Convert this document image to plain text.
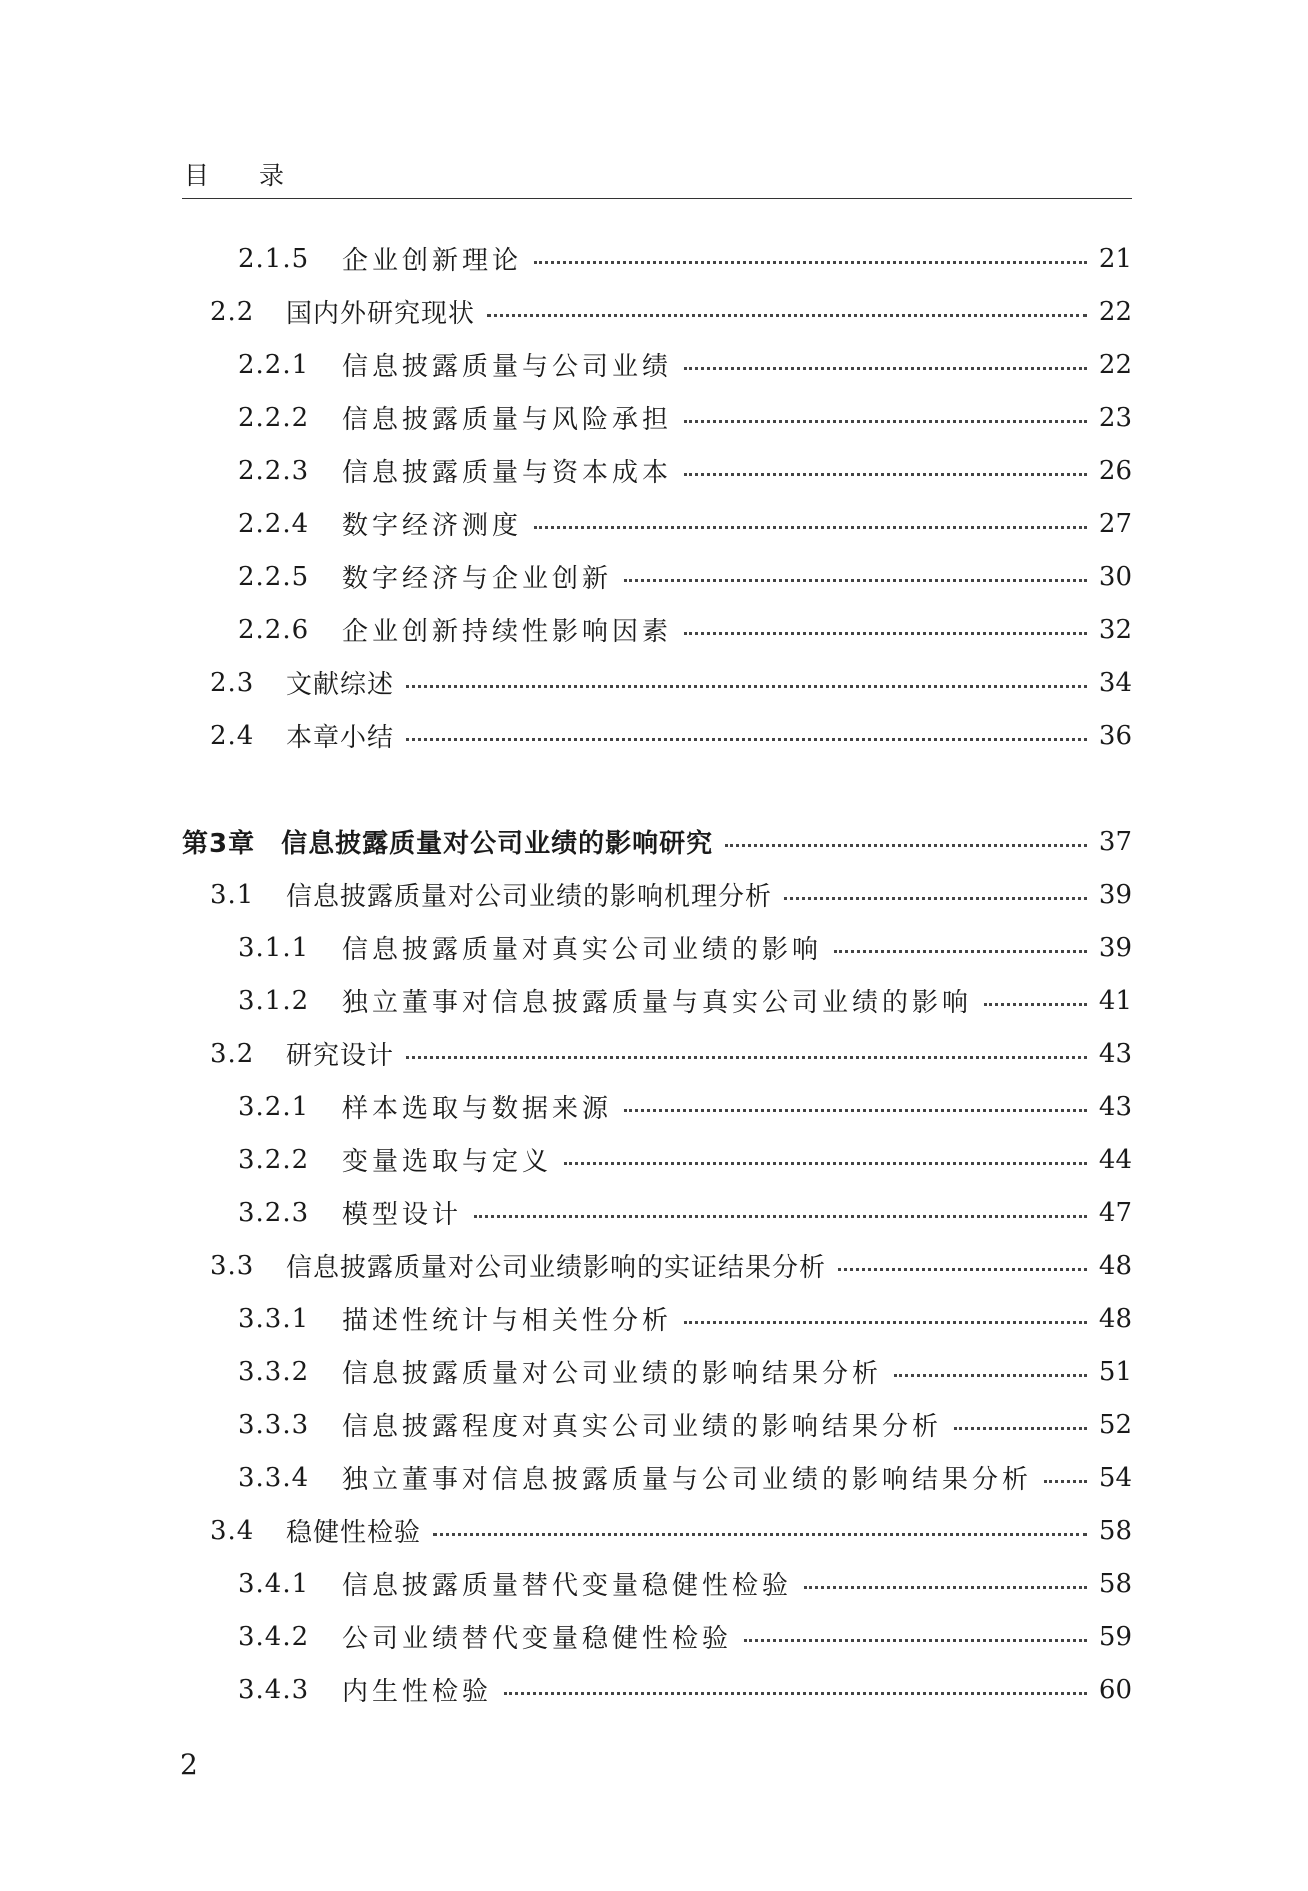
目 录
2.1.5	企业创新理论	21
2.2	国内外研究现状	22
2.2.1	信息披露质量与公司业绩	22
2.2.2	信息披露质量与风险承担	23
2.2.3	信息披露质量与资本成本	26
2.2.4	数字经济测度	27
2.2.5	数字经济与企业创新	30
2.2.6	企业创新持续性影响因素	32
2.3	文献综述	34
2.4	本章小结	36
第3章 信息披露质量对公司业绩的影响研究	37
3.1	信息披露质量对公司业绩的影响机理分析	39
3.1.1	信息披露质量对真实公司业绩的影响	39
3.1.2	独立董事对信息披露质量与真实公司业绩的影响	41
3.2	研究设计	43
3.2.1	样本选取与数据来源	43
3.2.2	变量选取与定义	44
3.2.3	模型设计	47
3.3	信息披露质量对公司业绩影响的实证结果分析	48
3.3.1	描述性统计与相关性分析	48
3.3.2	信息披露质量对公司业绩的影响结果分析	51
3.3.3	信息披露程度对真实公司业绩的影响结果分析	52
3.3.4	独立董事对信息披露质量与公司业绩的影响结果分析	54
3.4	稳健性检验	58
3.4.1	信息披露质量替代变量稳健性检验	58
3.4.2	公司业绩替代变量稳健性检验	59
3.4.3	内生性检验	60
2
